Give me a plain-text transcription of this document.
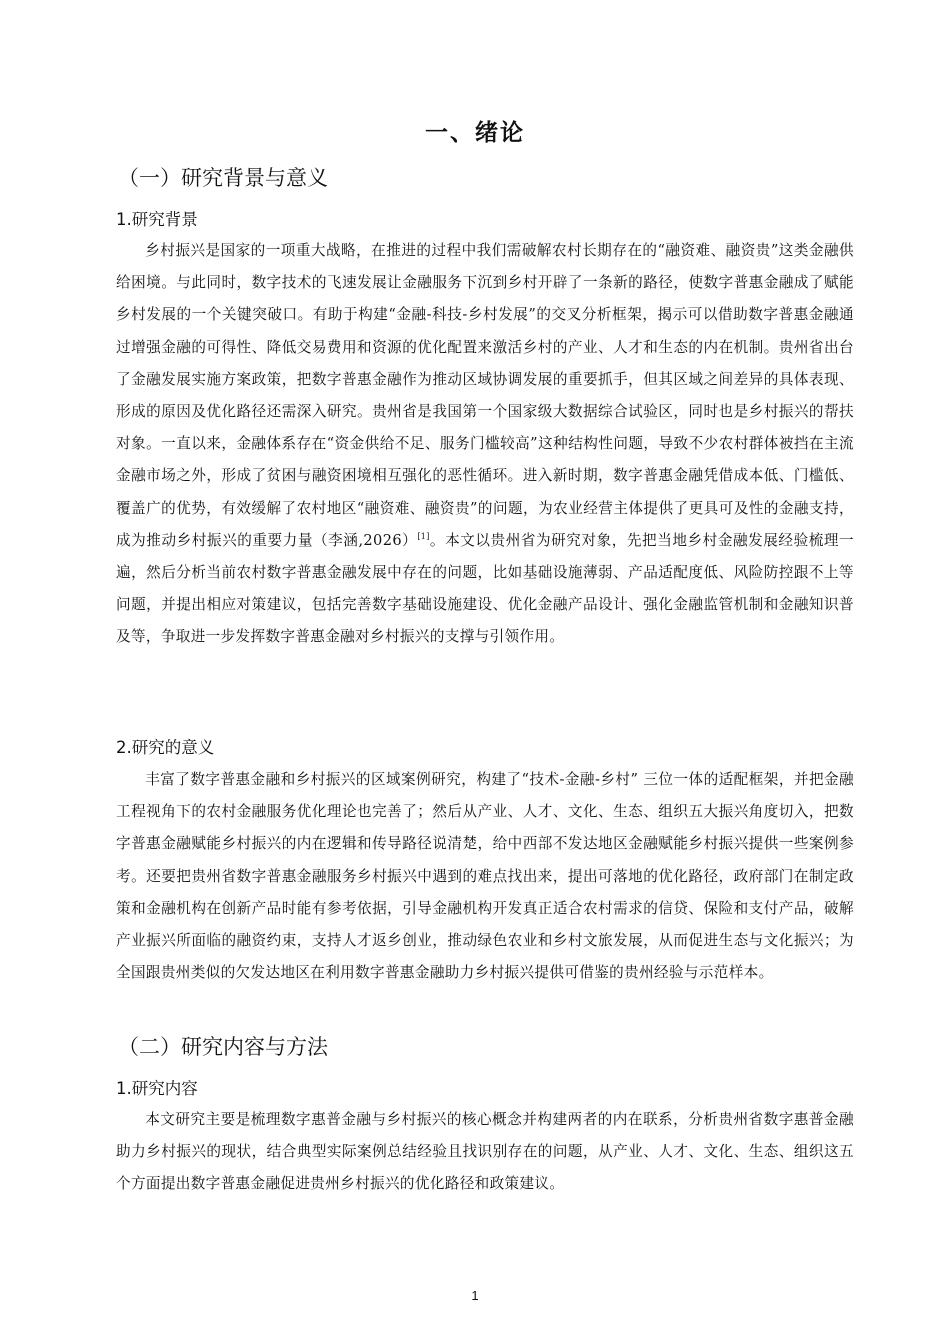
一、绪论
（一）研究背景与意义
1.研究背景

乡村振兴是国家的一项重大战略，在推进的过程中我们需破解农村长期存在的“融资难、融资贵”这类金融供给困境。与此同时，数字技术的飞速发展让金融服务下沉到乡村开辟了一条新的路径，使数字普惠金融成了赋能乡村发展的一个关键突破口。有助于构建“金融-科技-乡村发展”的交叉分析框架，揭示可以借助数字普惠金融通过增强金融的可得性、降低交易费用和资源的优化配置来激活乡村的产业、人才和生态的内在机制。贵州省出台了金融发展实施方案政策，把数字普惠金融作为推动区域协调发展的重要抓手，但其区域之间差异的具体表现、形成的原因及优化路径还需深入研究。贵州省是我国第一个国家级大数据综合试验区，同时也是乡村振兴的帮扶对象。一直以来，金融体系存在“资金供给不足、服务门槛较高”这种结构性问题，导致不少农村群体被挡在主流金融市场之外，形成了贫困与融资困境相互强化的恶性循环。进入新时期，数字普惠金融凭借成本低、门槛低、覆盖广的优势，有效缓解了农村地区“融资难、融资贵”的问题，为农业经营主体提供了更具可及性的金融支持，成为推动乡村振兴的重要力量（李涵,2026）[1]。本文以贵州省为研究对象，先把当地乡村金融发展经验梳理一遍，然后分析当前农村数字普惠金融发展中存在的问题，比如基础设施薄弱、产品适配度低、风险防控跟不上等问题，并提出相应对策建议，包括完善数字基础设施建设、优化金融产品设计、强化金融监管机制和金融知识普及等，争取进一步发挥数字普惠金融对乡村振兴的支撑与引领作用。

2.研究的意义

丰富了数字普惠金融和乡村振兴的区域案例研究，构建了“技术-金融-乡村” 三位一体的适配框架，并把金融工程视角下的农村金融服务优化理论也完善了；然后从产业、人才、文化、生态、组织五大振兴角度切入，把数字普惠金融赋能乡村振兴的内在逻辑和传导路径说清楚，给中西部不发达地区金融赋能乡村振兴提供一些案例参考。还要把贵州省数字普惠金融服务乡村振兴中遇到的难点找出来，提出可落地的优化路径，政府部门在制定政策和金融机构在创新产品时能有参考依据，引导金融机构开发真正适合农村需求的信贷、保险和支付产品，破解产业振兴所面临的融资约束，支持人才返乡创业，推动绿色农业和乡村文旅发展，从而促进生态与文化振兴；为全国跟贵州类似的欠发达地区在利用数字普惠金融助力乡村振兴提供可借鉴的贵州经验与示范样本。

（二）研究内容与方法
1.研究内容

本文研究主要是梳理数字惠普金融与乡村振兴的核心概念并构建两者的内在联系，分析贵州省数字惠普金融助力乡村振兴的现状，结合典型实际案例总结经验且找识别存在的问题，从产业、人才、文化、生态、组织这五个方面提出数字普惠金融促进贵州乡村振兴的优化路径和政策建议。

1
